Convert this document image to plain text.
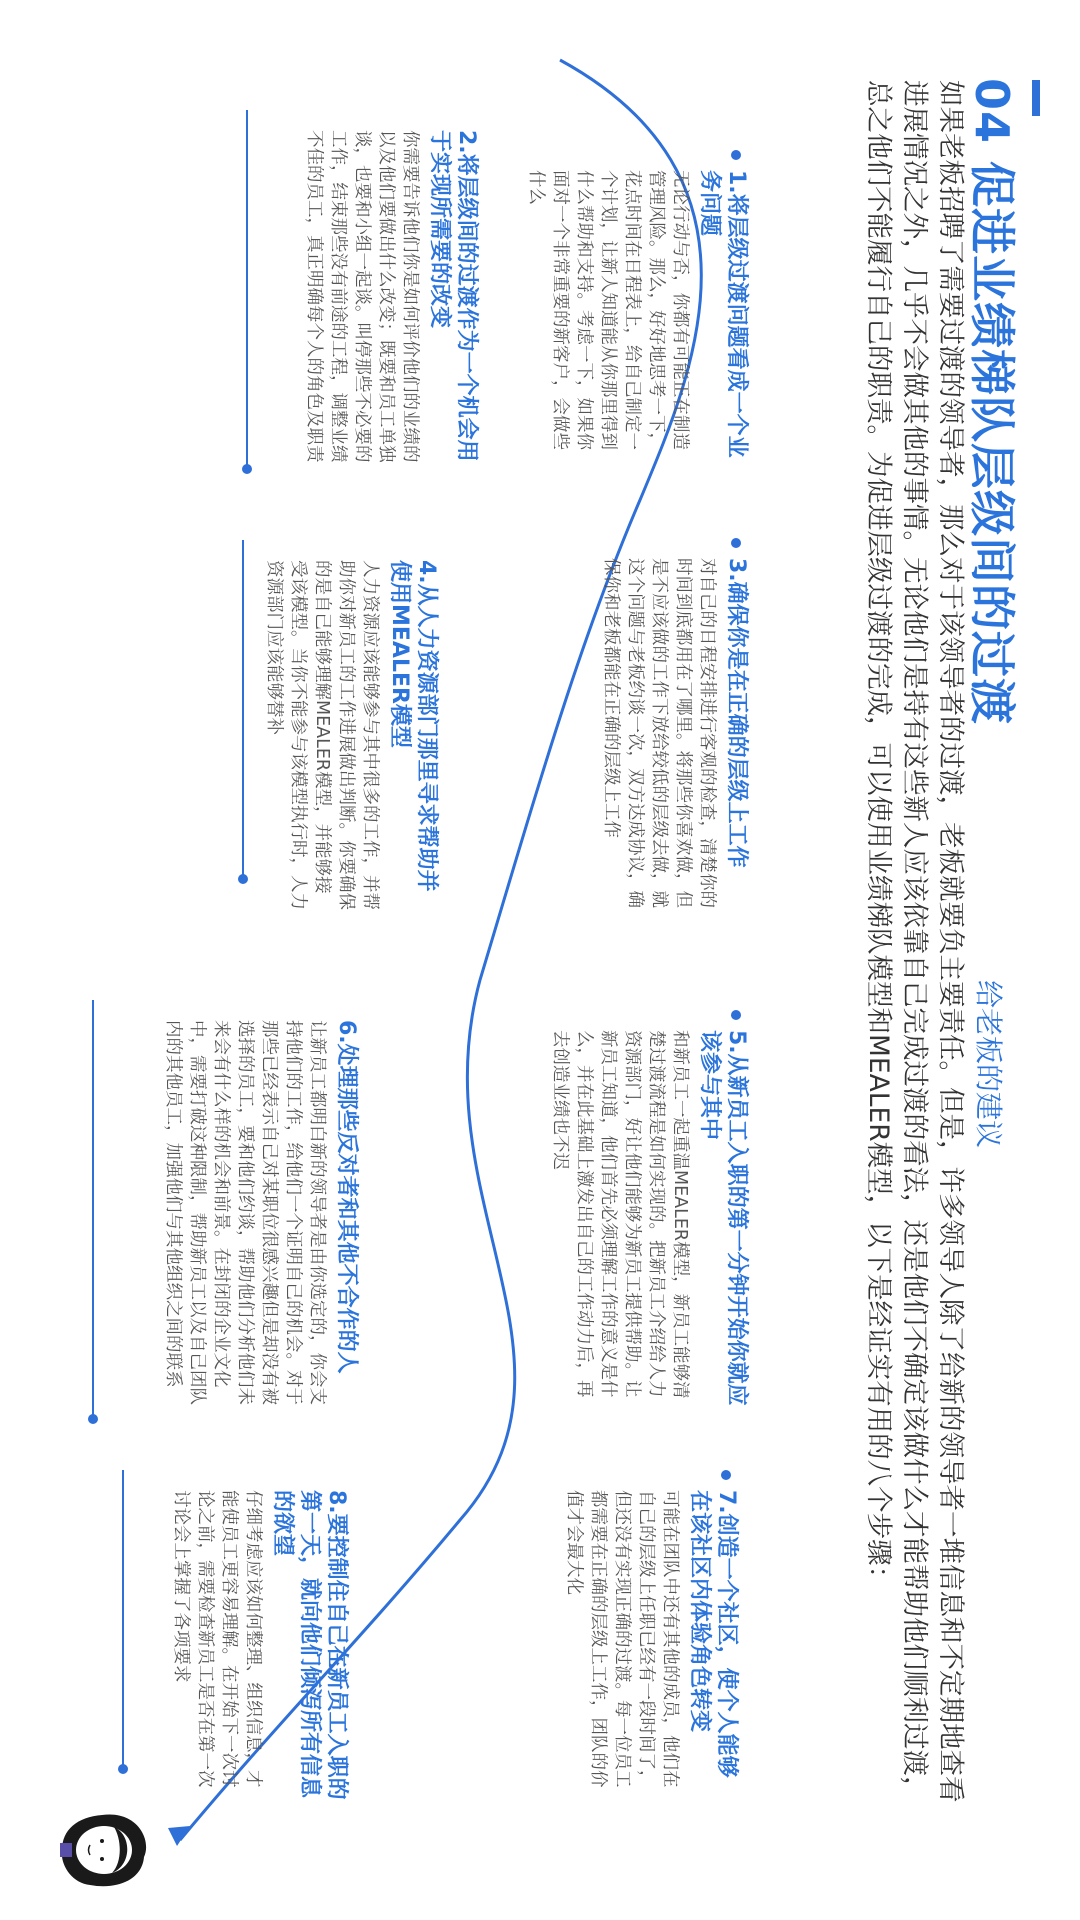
04 促进业绩梯队层级间的过渡
给老板的建议
如果老板招聘了需要过渡的领导者，那么对于该领导者的过渡，老板就要负主要责任。但是，许多领导人除了给新的领导者一堆信息和不定期地查看进展情况之外，几乎不会做其他的事情。无论他们是持有这些新人应该依靠自己完成过渡的看法，还是他们不确定该做什么才能帮助他们顺利过渡，总之他们不能履行自己的职责。为促进层级过渡的完成，可以使用业绩梯队模型和MEALER模型，以下是经证实有用的八个步骤：
1.将层级过渡问题看成一个业务问题
无论行动与否，你都有可能正在制造管理风险。那么，好好地思考一下，花点时间在日程表上，给自己制定一个计划，让新人知道能从你那里得到什么帮助和支持。考虑一下，如果你面对一个非常重要的新客户，会做些什么
2.将层级间的过渡作为一个机会用于实现所需要的改变
你需要告诉他们你是如何评价他们的业绩的以及他们要做出什么改变；既要和员工单独谈，也要和小组一起谈。叫停那些不必要的工作，结束那些没有前途的工程，调整业绩不佳的员工，真正明确每个人的角色及职责
3.确保你是在正确的层级上工作
对自己的日程安排进行客观的检查，清楚你的时间到底都用在了哪里。将那些你喜欢做，但是不应该做的工作下放给较低的层级去做，就这个问题与老板约谈一次，双方达成协议，确保你和老板都能在正确的层级上工作
4.从人力资源部门那里寻求帮助并使用MEALER模型
人力资源应该能够参与其中很多的工作，并帮助你对新员工的工作进展做出判断。你要确保的是自己能够理解MEALER模型，并能够接受该模型。当你不能参与该模型执行时，人力资源部门应该能够替补
5.从新员工入职的第一分钟开始你就应该参与其中
和新员工一起重温MEALER模型，新员工能够清楚过渡流程是如何实现的。把新员工介绍给人力资源部门，好让他们能够为新员工提供帮助。让新员工知道，他们首先必须理解工作的意义是什么，并在此基础上激发出自己的工作动力后，再去创造业绩也不迟
6.处理那些反对者和其他不合作的人
让新员工都明白新的领导者是由你选定的，你会支持他们的工作，给他们一个证明自己的机会。对于那些已经表示自己对某职位很感兴趣但是却没有被选择的员工，要和他们约谈，帮助他们分析他们未来会有什么样的机会和前景。在封闭的企业文化中，需要打破这种限制，帮助新员工以及自己团队内的其他员工，加强他们与其他组织之间的联系
7.创造一个社区，使个人能够在该社区内体验角色转变
可能在团队中还有其他的成员，他们在自己的层级上任职已经有一段时间了，但还没有实现正确的过渡。每一位员工都需要在正确的层级上工作，团队的价值才会最大化
8.要控制住自己在新员工入职的第一天，就向他们倾泻所有信息的欲望
仔细考虑应该如何整理、组织信息，才能使员工更容易理解。在开始下一次讨论之前，需要检查新员工是否在第一次讨论会上掌握了各项要求
